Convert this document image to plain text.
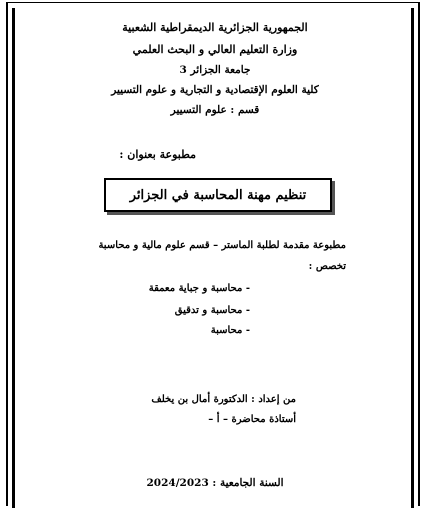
الجمهورية الجزائرية الديمقراطية الشعبية
وزارة التعليم العالي و البحث العلمي
جامعة الجزائر 3
كلية العلوم الإقتصادية و التجارية و علوم التسيير
قسم : علوم التسيير
مطبوعة بعنوان :
تنظيم مهنة المحاسبة في الجزائر
مطبوعة مقدمة لطلبة الماستر – قسم علوم مالية و محاسبة
تخصص :
- محاسبة و جباية معمقة
- محاسبة و تدقيق
- محاسبة
من إعداد : الدكتورة أمال بن يخلف
أستاذة محاضرة – أ –
السنة الجامعية : 2024/2023
